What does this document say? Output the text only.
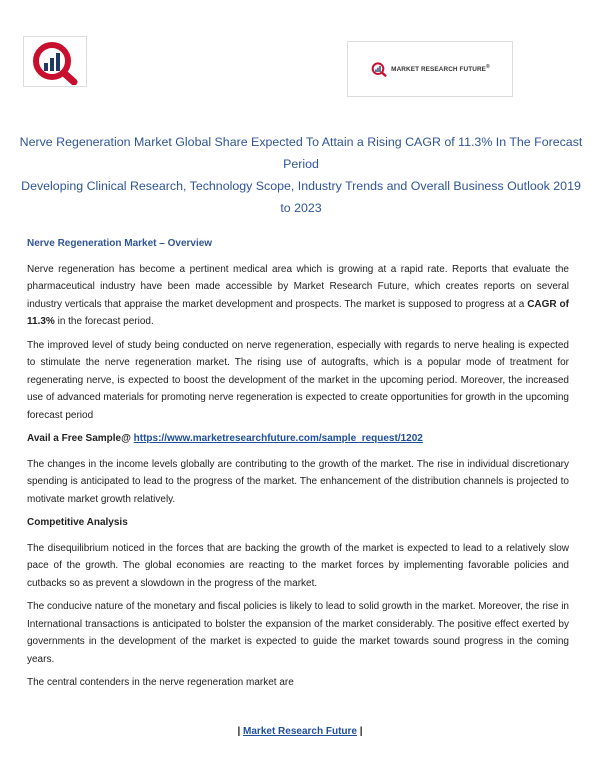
MARKET RESEARCH FUTURE®
Nerve Regeneration Market Global Share Expected To Attain a Rising CAGR of 11.3% In The Forecast Period
Developing Clinical Research, Technology Scope, Industry Trends and Overall Business Outlook 2019 to 2023
Nerve Regeneration Market – Overview

Nerve regeneration has become a pertinent medical area which is growing at a rapid rate. Reports that evaluate the pharmaceutical industry have been made accessible by Market Research Future, which creates reports on several industry verticals that appraise the market development and prospects. The market is supposed to progress at a CAGR of 11.3% in the forecast period.

The improved level of study being conducted on nerve regeneration, especially with regards to nerve healing is expected to stimulate the nerve regeneration market. The rising use of autografts, which is a popular mode of treatment for regenerating nerve, is expected to boost the development of the market in the upcoming period. Moreover, the increased use of advanced materials for promoting nerve regeneration is expected to create opportunities for growth in the upcoming forecast period

Avail a Free Sample@ https://www.marketresearchfuture.com/sample_request/1202

The changes in the income levels globally are contributing to the growth of the market. The rise in individual discretionary spending is anticipated to lead to the progress of the market. The enhancement of the distribution channels is projected to motivate market growth relatively.

Competitive Analysis

The disequilibrium noticed in the forces that are backing the growth of the market is expected to lead to a relatively slow pace of the growth. The global economies are reacting to the market forces by implementing favorable policies and cutbacks so as prevent a slowdown in the progress of the market.

The conducive nature of the monetary and fiscal policies is likely to lead to solid growth in the market. Moreover, the rise in International transactions is anticipated to bolster the expansion of the market considerably. The positive effect exerted by governments in the development of the market is expected to guide the market towards sound progress in the coming years.

The central contenders in the nerve regeneration market are

| Market Research Future |
